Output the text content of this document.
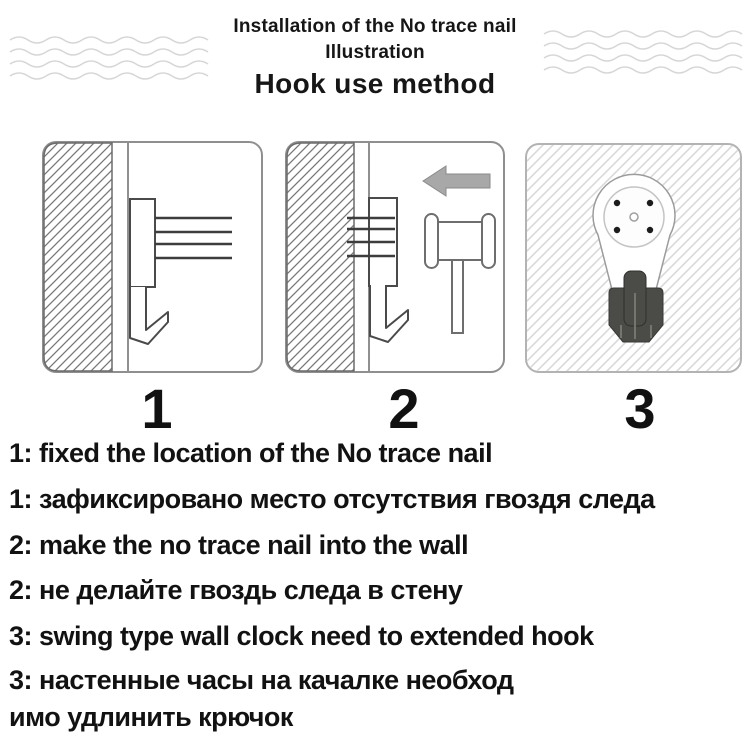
Installation of the No trace nail
Illustration
Hook use method
1	2	3
1: fixed the location of the No trace nail
1: зафиксировано место отсутствия гвоздя следа
2: make the no trace nail into the wall
2: не делайте гвоздь следа в стену
3: swing type wall clock need to extended hook
3: настенные часы на качалке необход
имо удлинить крючок
